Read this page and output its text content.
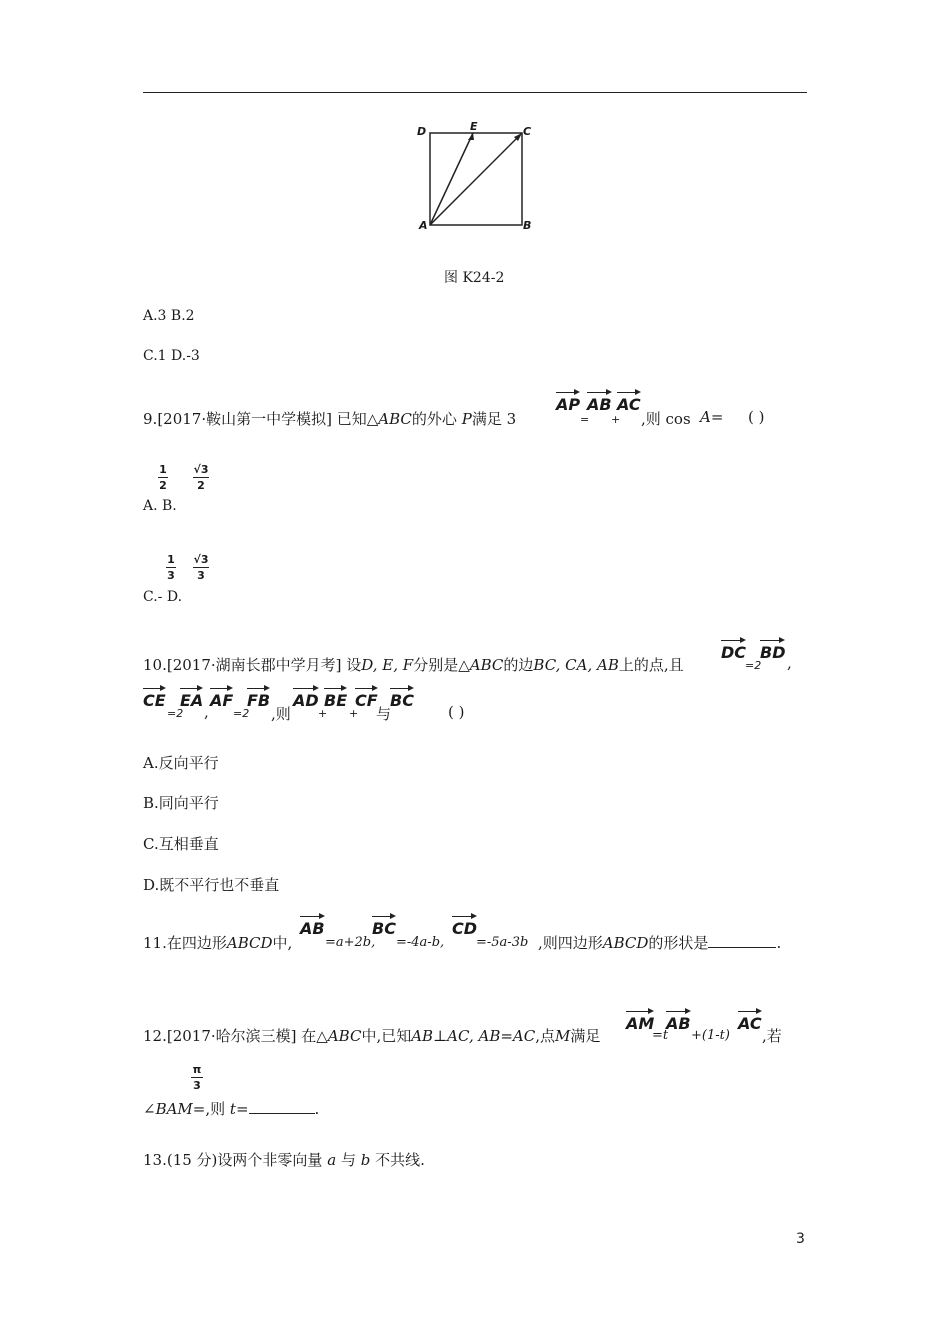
D	E	C
A	B
图 K24-2
A.3 B.2
C.1 D.-3
9.[2017·鞍山第一中学模拟] 已知△ABC的外心 P满足 3
AP
=
AB
+
AC
,则 cos A= ( )
1
2
√3
2
A. B.
1
3
√3
3
C.- D.
10.[2017·湖南长郡中学月考] 设D, E, F分别是△ABC的边BC, CA, AB上的点,且
DC
=2
BD
,
CE
=2
EA
,
AF
=2
FB
,则
AD
+
BE
+
CF
与
BC
( )
A.反向平行
B.同向平行
C.互相垂直
D.既不平行也不垂直
11.在四边形ABCD中,
AB
=a+2b,
BC
=-4a-b,
CD
=-5a-3b ,则四边形ABCD的形状是	.
12.[2017·哈尔滨三模] 在△ABC中,已知AB⊥AC, AB=AC,点M满足
AM
=t
AB
+(1-t)
AC
,若
π
3
∠BAM=,则 t=	.
13.(15 分)设两个非零向量 a 与 b 不共线.
3
